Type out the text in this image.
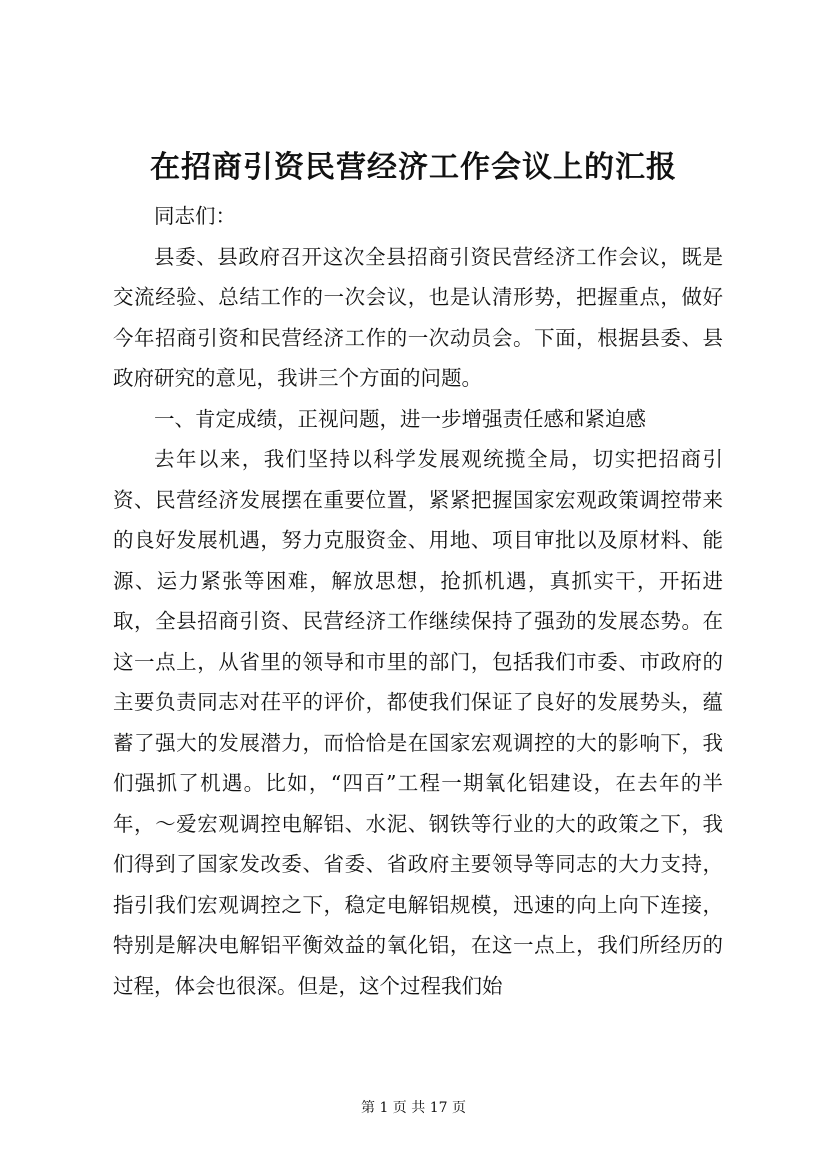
在招商引资民营经济工作会议上的汇报

同志们：

县委、县政府召开这次全县招商引资民营经济工作会议，既是交流经验、总结工作的一次会议，也是认清形势，把握重点，做好今年招商引资和民营经济工作的一次动员会。下面，根据县委、县政府研究的意见，我讲三个方面的问题。

一、肯定成绩，正视问题，进一步增强责任感和紧迫感

去年以来，我们坚持以科学发展观统揽全局，切实把招商引资、民营经济发展摆在重要位置，紧紧把握国家宏观政策调控带来的良好发展机遇，努力克服资金、用地、项目审批以及原材料、能源、运力紧张等困难，解放思想，抢抓机遇，真抓实干，开拓进取，全县招商引资、民营经济工作继续保持了强劲的发展态势。在这一点上，从省里的领导和市里的部门，包括我们市委、市政府的主要负责同志对茌平的评价，都使我们保证了良好的发展势头，蕴蓄了强大的发展潜力，而恰恰是在国家宏观调控的大的影响下，我们强抓了机遇。比如，“四百”工程一期氧化铝建设，在去年的半年，～爱宏观调控电解铝、水泥、钢铁等行业的大的政策之下，我们得到了国家发改委、省委、省政府主要领导等同志的大力支持，指引我们宏观调控之下，稳定电解铝规模，迅速的向上向下连接，特别是解决电解铝平衡效益的氧化铝，在这一点上，我们所经历的过程，体会也很深。但是，这个过程我们始

第 1 页 共 17 页
